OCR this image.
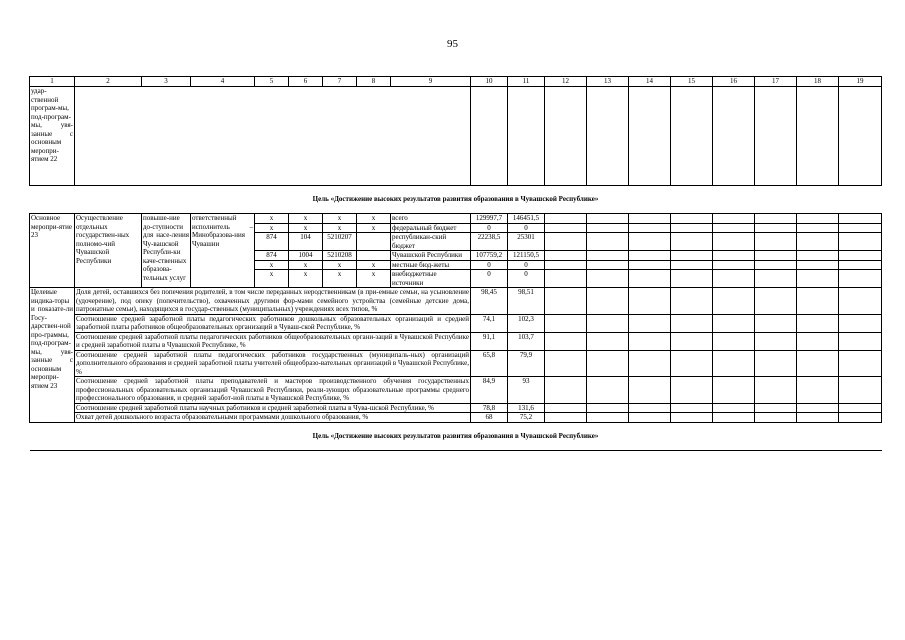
95
1	2	3	4	5	6	7	8	9	10	11	12	13	14	15	16	17	18	19
удар-ственной програм-мы, под-програм-мы, увя-занные с основным меропри-ятием 22																		
Цель «Достижение высоких результатов развития образования в Чувашской Республике»																		
Основное меропри-ятие 23	Осуществление отдельных государствен-ных полномо-чий Чувашской Республики	повыше-ние до-ступности для насе-ления Чу-вашской Республи-ки каче-ственных образова-тельных услуг	ответственный исполнитель – Минобразова-ния Чувашии	x	x	x	x	всего	129997,7	146451,5								
				x	x	x	x	федеральный бюджет	0	0								
				874	104	5210207		республикан-ский бюджет	22238,5	25301								
				874	1004	5210208		Чувашской Республики	107759,2	121150,5								
				x	x	x	x	местные бюд-жеты	0	0								
				x	x	x	x	внебюджетные источники	0	0								
Целевые индика-торы и показате-ли Госу-дарствен-ной про-граммы, под-програм-мы, увя-занные с основным меропри-ятием 23	Доля детей, оставшихся без попечения родителей, в том числе переданных неродственникам (в при-емные семьи, на усыновление (удочерение), под опеку (попечительство), охваченных другими фор-мами семейного устройства (семейные детские дома, патронатные семьи), находящихся в государ-ственных (муниципальных) учреждениях всех типов, %								98,45	98,51								
	Соотношение средней заработной платы педагогических работников дошкольных образовательных организаций и средней заработной платы работников общеобразовательных организаций в Чуваш-ской Республике, %								74,1	102,3								
	Соотношение средней заработной платы педагогических работников общеобразовательных органи-заций в Чувашской Республике и средней заработной платы в Чувашской Республике, %								91,1	103,7								
	Соотношение средней заработной платы педагогических работников государственных (муниципаль-ных) организаций дополнительного образования и средней заработной платы учителей общеобразо-вательных организаций в Чувашской Республике, %								65,8	79,9								
	Соотношение средней заработной платы преподавателей и мастеров производственного обучения государственных профессиональных образовательных организаций Чувашской Республики, реали-зующих образовательные программы среднего профессионального образования, и средней заработ-ной платы в Чувашской Республике, %								84,9	93								
	Соотношение средней заработной платы научных работников и средней заработной платы в Чува-шской Республике, %								78,8	131,6								
	Охват детей дошкольного возраста образовательными программами дошкольного образования, %								68	75,2								
Цель «Достижение высоких результатов развития образования в Чувашской Республике»																		
